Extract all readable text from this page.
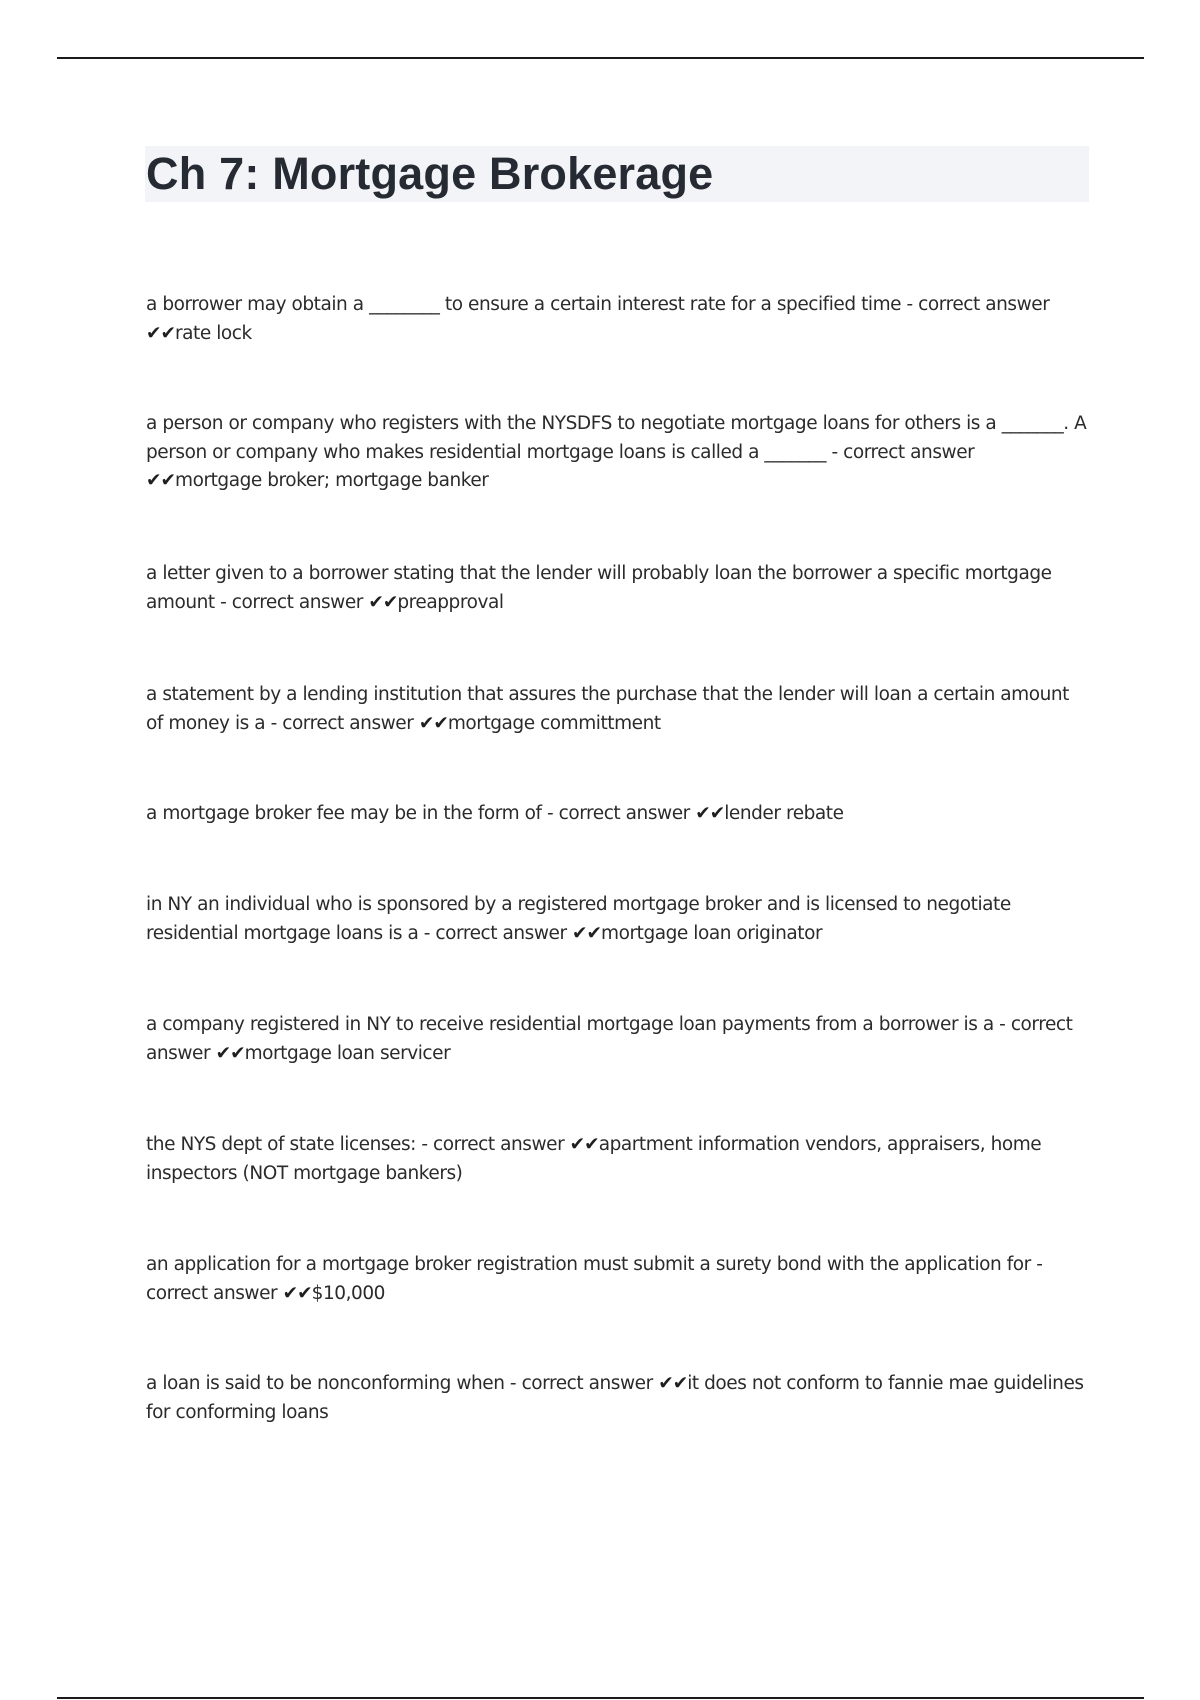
Ch 7: Mortgage Brokerage

a borrower may obtain a ________ to ensure a certain interest rate for a specified time - correct answer ✔✔rate lock

a person or company who registers with the NYSDFS to negotiate mortgage loans for others is a _______. A person or company who makes residential mortgage loans is called a _______ - correct answer ✔✔mortgage broker; mortgage banker

a letter given to a borrower stating that the lender will probably loan the borrower a specific mortgage amount - correct answer ✔✔preapproval

a statement by a lending institution that assures the purchase that the lender will loan a certain amount of money is a - correct answer ✔✔mortgage committment

a mortgage broker fee may be in the form of - correct answer ✔✔lender rebate

in NY an individual who is sponsored by a registered mortgage broker and is licensed to negotiate residential mortgage loans is a - correct answer ✔✔mortgage loan originator

a company registered in NY to receive residential mortgage loan payments from a borrower is a - correct answer ✔✔mortgage loan servicer

the NYS dept of state licenses: - correct answer ✔✔apartment information vendors, appraisers, home inspectors (NOT mortgage bankers)

an application for a mortgage broker registration must submit a surety bond with the application for - correct answer ✔✔$10,000

a loan is said to be nonconforming when - correct answer ✔✔it does not conform to fannie mae guidelines for conforming loans
